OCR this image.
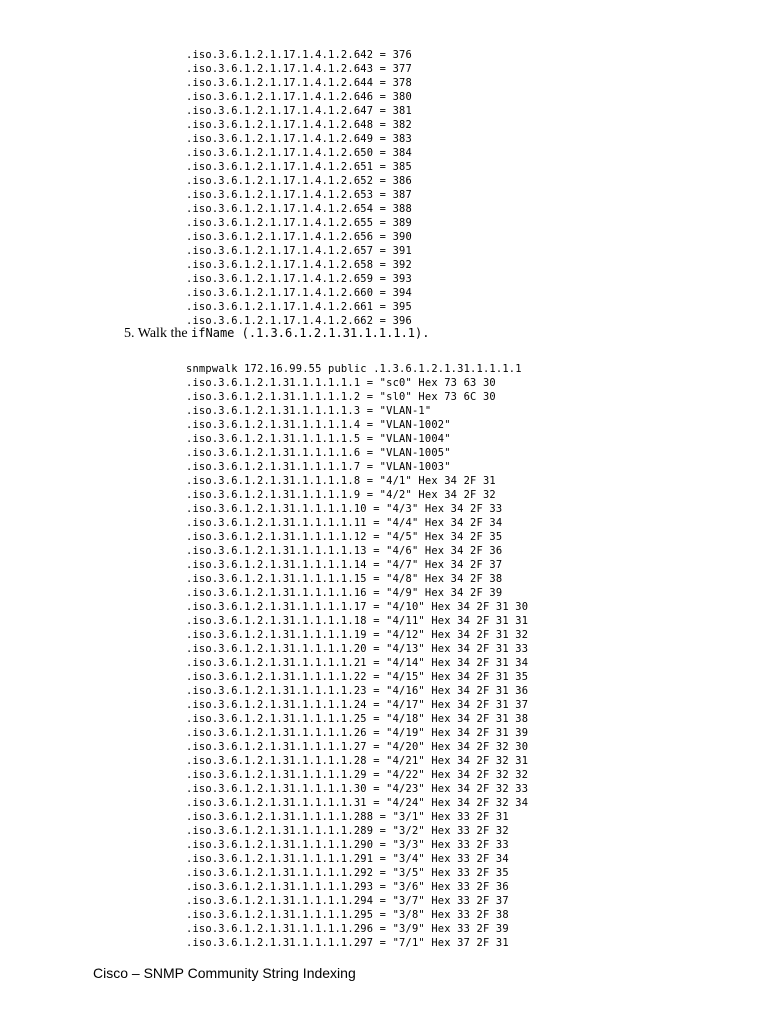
.iso.3.6.1.2.1.17.1.4.1.2.642 = 376
.iso.3.6.1.2.1.17.1.4.1.2.643 = 377
.iso.3.6.1.2.1.17.1.4.1.2.644 = 378
.iso.3.6.1.2.1.17.1.4.1.2.646 = 380
.iso.3.6.1.2.1.17.1.4.1.2.647 = 381
.iso.3.6.1.2.1.17.1.4.1.2.648 = 382
.iso.3.6.1.2.1.17.1.4.1.2.649 = 383
.iso.3.6.1.2.1.17.1.4.1.2.650 = 384
.iso.3.6.1.2.1.17.1.4.1.2.651 = 385
.iso.3.6.1.2.1.17.1.4.1.2.652 = 386
.iso.3.6.1.2.1.17.1.4.1.2.653 = 387
.iso.3.6.1.2.1.17.1.4.1.2.654 = 388
.iso.3.6.1.2.1.17.1.4.1.2.655 = 389
.iso.3.6.1.2.1.17.1.4.1.2.656 = 390
.iso.3.6.1.2.1.17.1.4.1.2.657 = 391
.iso.3.6.1.2.1.17.1.4.1.2.658 = 392
.iso.3.6.1.2.1.17.1.4.1.2.659 = 393
.iso.3.6.1.2.1.17.1.4.1.2.660 = 394
.iso.3.6.1.2.1.17.1.4.1.2.661 = 395
.iso.3.6.1.2.1.17.1.4.1.2.662 = 396
5. Walk the ifName (.1.3.6.1.2.1.31.1.1.1.1).
snmpwalk 172.16.99.55 public .1.3.6.1.2.1.31.1.1.1.1
.iso.3.6.1.2.1.31.1.1.1.1.1 = "sc0" Hex 73 63 30
.iso.3.6.1.2.1.31.1.1.1.1.2 = "sl0" Hex 73 6C 30
.iso.3.6.1.2.1.31.1.1.1.1.3 = "VLAN-1"
.iso.3.6.1.2.1.31.1.1.1.1.4 = "VLAN-1002"
.iso.3.6.1.2.1.31.1.1.1.1.5 = "VLAN-1004"
.iso.3.6.1.2.1.31.1.1.1.1.6 = "VLAN-1005"
.iso.3.6.1.2.1.31.1.1.1.1.7 = "VLAN-1003"
.iso.3.6.1.2.1.31.1.1.1.1.8 = "4/1" Hex 34 2F 31
.iso.3.6.1.2.1.31.1.1.1.1.9 = "4/2" Hex 34 2F 32
.iso.3.6.1.2.1.31.1.1.1.1.10 = "4/3" Hex 34 2F 33
.iso.3.6.1.2.1.31.1.1.1.1.11 = "4/4" Hex 34 2F 34
.iso.3.6.1.2.1.31.1.1.1.1.12 = "4/5" Hex 34 2F 35
.iso.3.6.1.2.1.31.1.1.1.1.13 = "4/6" Hex 34 2F 36
.iso.3.6.1.2.1.31.1.1.1.1.14 = "4/7" Hex 34 2F 37
.iso.3.6.1.2.1.31.1.1.1.1.15 = "4/8" Hex 34 2F 38
.iso.3.6.1.2.1.31.1.1.1.1.16 = "4/9" Hex 34 2F 39
.iso.3.6.1.2.1.31.1.1.1.1.17 = "4/10" Hex 34 2F 31 30
.iso.3.6.1.2.1.31.1.1.1.1.18 = "4/11" Hex 34 2F 31 31
.iso.3.6.1.2.1.31.1.1.1.1.19 = "4/12" Hex 34 2F 31 32
.iso.3.6.1.2.1.31.1.1.1.1.20 = "4/13" Hex 34 2F 31 33
.iso.3.6.1.2.1.31.1.1.1.1.21 = "4/14" Hex 34 2F 31 34
.iso.3.6.1.2.1.31.1.1.1.1.22 = "4/15" Hex 34 2F 31 35
.iso.3.6.1.2.1.31.1.1.1.1.23 = "4/16" Hex 34 2F 31 36
.iso.3.6.1.2.1.31.1.1.1.1.24 = "4/17" Hex 34 2F 31 37
.iso.3.6.1.2.1.31.1.1.1.1.25 = "4/18" Hex 34 2F 31 38
.iso.3.6.1.2.1.31.1.1.1.1.26 = "4/19" Hex 34 2F 31 39
.iso.3.6.1.2.1.31.1.1.1.1.27 = "4/20" Hex 34 2F 32 30
.iso.3.6.1.2.1.31.1.1.1.1.28 = "4/21" Hex 34 2F 32 31
.iso.3.6.1.2.1.31.1.1.1.1.29 = "4/22" Hex 34 2F 32 32
.iso.3.6.1.2.1.31.1.1.1.1.30 = "4/23" Hex 34 2F 32 33
.iso.3.6.1.2.1.31.1.1.1.1.31 = "4/24" Hex 34 2F 32 34
.iso.3.6.1.2.1.31.1.1.1.1.288 = "3/1" Hex 33 2F 31
.iso.3.6.1.2.1.31.1.1.1.1.289 = "3/2" Hex 33 2F 32
.iso.3.6.1.2.1.31.1.1.1.1.290 = "3/3" Hex 33 2F 33
.iso.3.6.1.2.1.31.1.1.1.1.291 = "3/4" Hex 33 2F 34
.iso.3.6.1.2.1.31.1.1.1.1.292 = "3/5" Hex 33 2F 35
.iso.3.6.1.2.1.31.1.1.1.1.293 = "3/6" Hex 33 2F 36
.iso.3.6.1.2.1.31.1.1.1.1.294 = "3/7" Hex 33 2F 37
.iso.3.6.1.2.1.31.1.1.1.1.295 = "3/8" Hex 33 2F 38
.iso.3.6.1.2.1.31.1.1.1.1.296 = "3/9" Hex 33 2F 39
.iso.3.6.1.2.1.31.1.1.1.1.297 = "7/1" Hex 37 2F 31
Cisco – SNMP Community String Indexing
